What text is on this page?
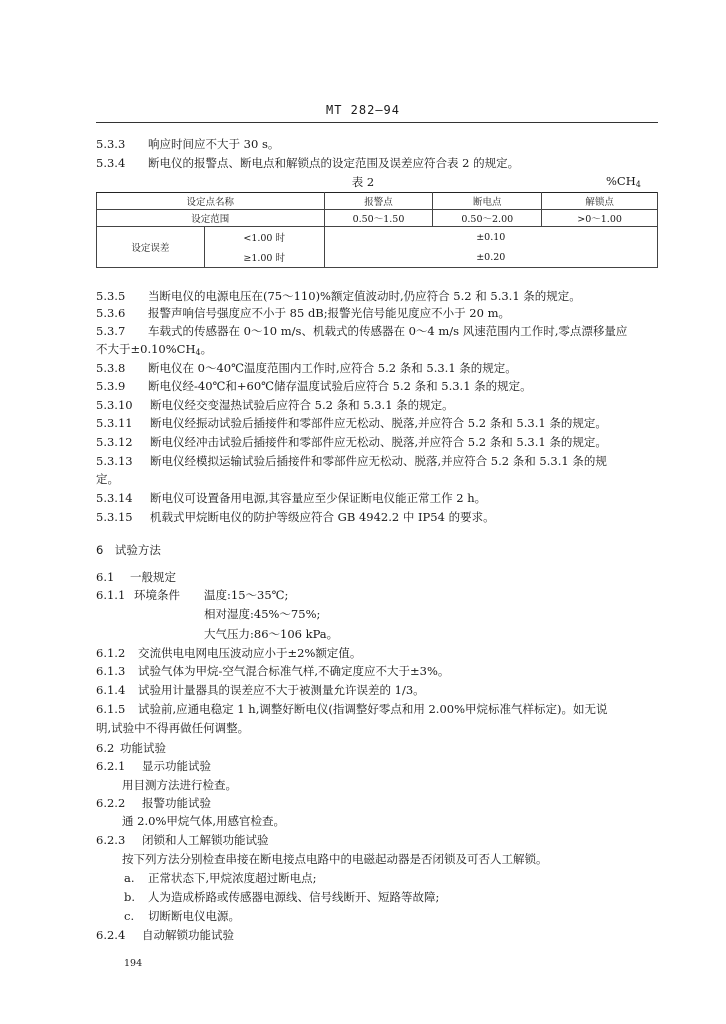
MT 282—94
5.3.3 响应时间应不大于 30 s。
5.3.4 断电仪的报警点、断电点和解锁点的设定范围及误差应符合表 2 的规定。
表 2	$\%CH_4$
设定点名称		报警点	断电点	解锁点
设定范围		0.50～1.50	0.50～2.00	>0～1.00
设定误差	<1.00 时	±0.10		
	≥1.00 时	±0.20		
5.3.5 当断电仪的电源电压在(75～110)%额定值波动时,仍应符合 5.2 和 5.3.1 条的规定。
5.3.6 报警声响信号强度应不小于 85 dB;报警光信号能见度应不小于 20 m。
5.3.7 车载式的传感器在 0～10 m/s、机载式的传感器在 0～4 m/s 风速范围内工作时,零点漂移量应
不大于$\pm 0.10\%CH_4$。
5.3.8 断电仪在 0～40℃温度范围内工作时,应符合 5.2 条和 5.3.1 条的规定。
5.3.9 断电仪经-40℃和+60℃储存温度试验后应符合 5.2 条和 5.3.1 条的规定。
5.3.10 断电仪经交变湿热试验后应符合 5.2 条和 5.3.1 条的规定。
5.3.11 断电仪经振动试验后插接件和零部件应无松动、脱落,并应符合 5.2 条和 5.3.1 条的规定。
5.3.12 断电仪经冲击试验后插接件和零部件应无松动、脱落,并应符合 5.2 条和 5.3.1 条的规定。
5.3.13 断电仪经模拟运输试验后插接件和零部件应无松动、脱落,并应符合 5.2 条和 5.3.1 条的规
定。
5.3.14 断电仪可设置备用电源,其容量应至少保证断电仪能正常工作 2 h。
5.3.15 机载式甲烷断电仪的防护等级应符合 GB 4942.2 中 IP54 的要求。
6　试验方法
6.1 一般规定
6.1.1 环境条件 温度:15～35℃;
相对湿度:45%～75%;
大气压力:86～106 kPa。
6.1.2 交流供电电网电压波动应小于±2%额定值。
6.1.3 试验气体为甲烷-空气混合标准气样,不确定度应不大于±3%。
6.1.4 试验用计量器具的误差应不大于被测量允许误差的 1/3。
6.1.5 试验前,应通电稳定 1 h,调整好断电仪(指调整好零点和用 2.00%甲烷标准气样标定)。如无说
明,试验中不得再做任何调整。
6.2 功能试验
6.2.1 显示功能试验
用目测方法进行检查。
6.2.2 报警功能试验
通 2.0%甲烷气体,用感官检查。
6.2.3 闭锁和人工解锁功能试验
按下列方法分别检查串接在断电接点电路中的电磁起动器是否闭锁及可否人工解锁。
a. 正常状态下,甲烷浓度超过断电点;
b. 人为造成桥路或传感器电源线、信号线断开、短路等故障;
c. 切断断电仪电源。
6.2.4 自动解锁功能试验
194
